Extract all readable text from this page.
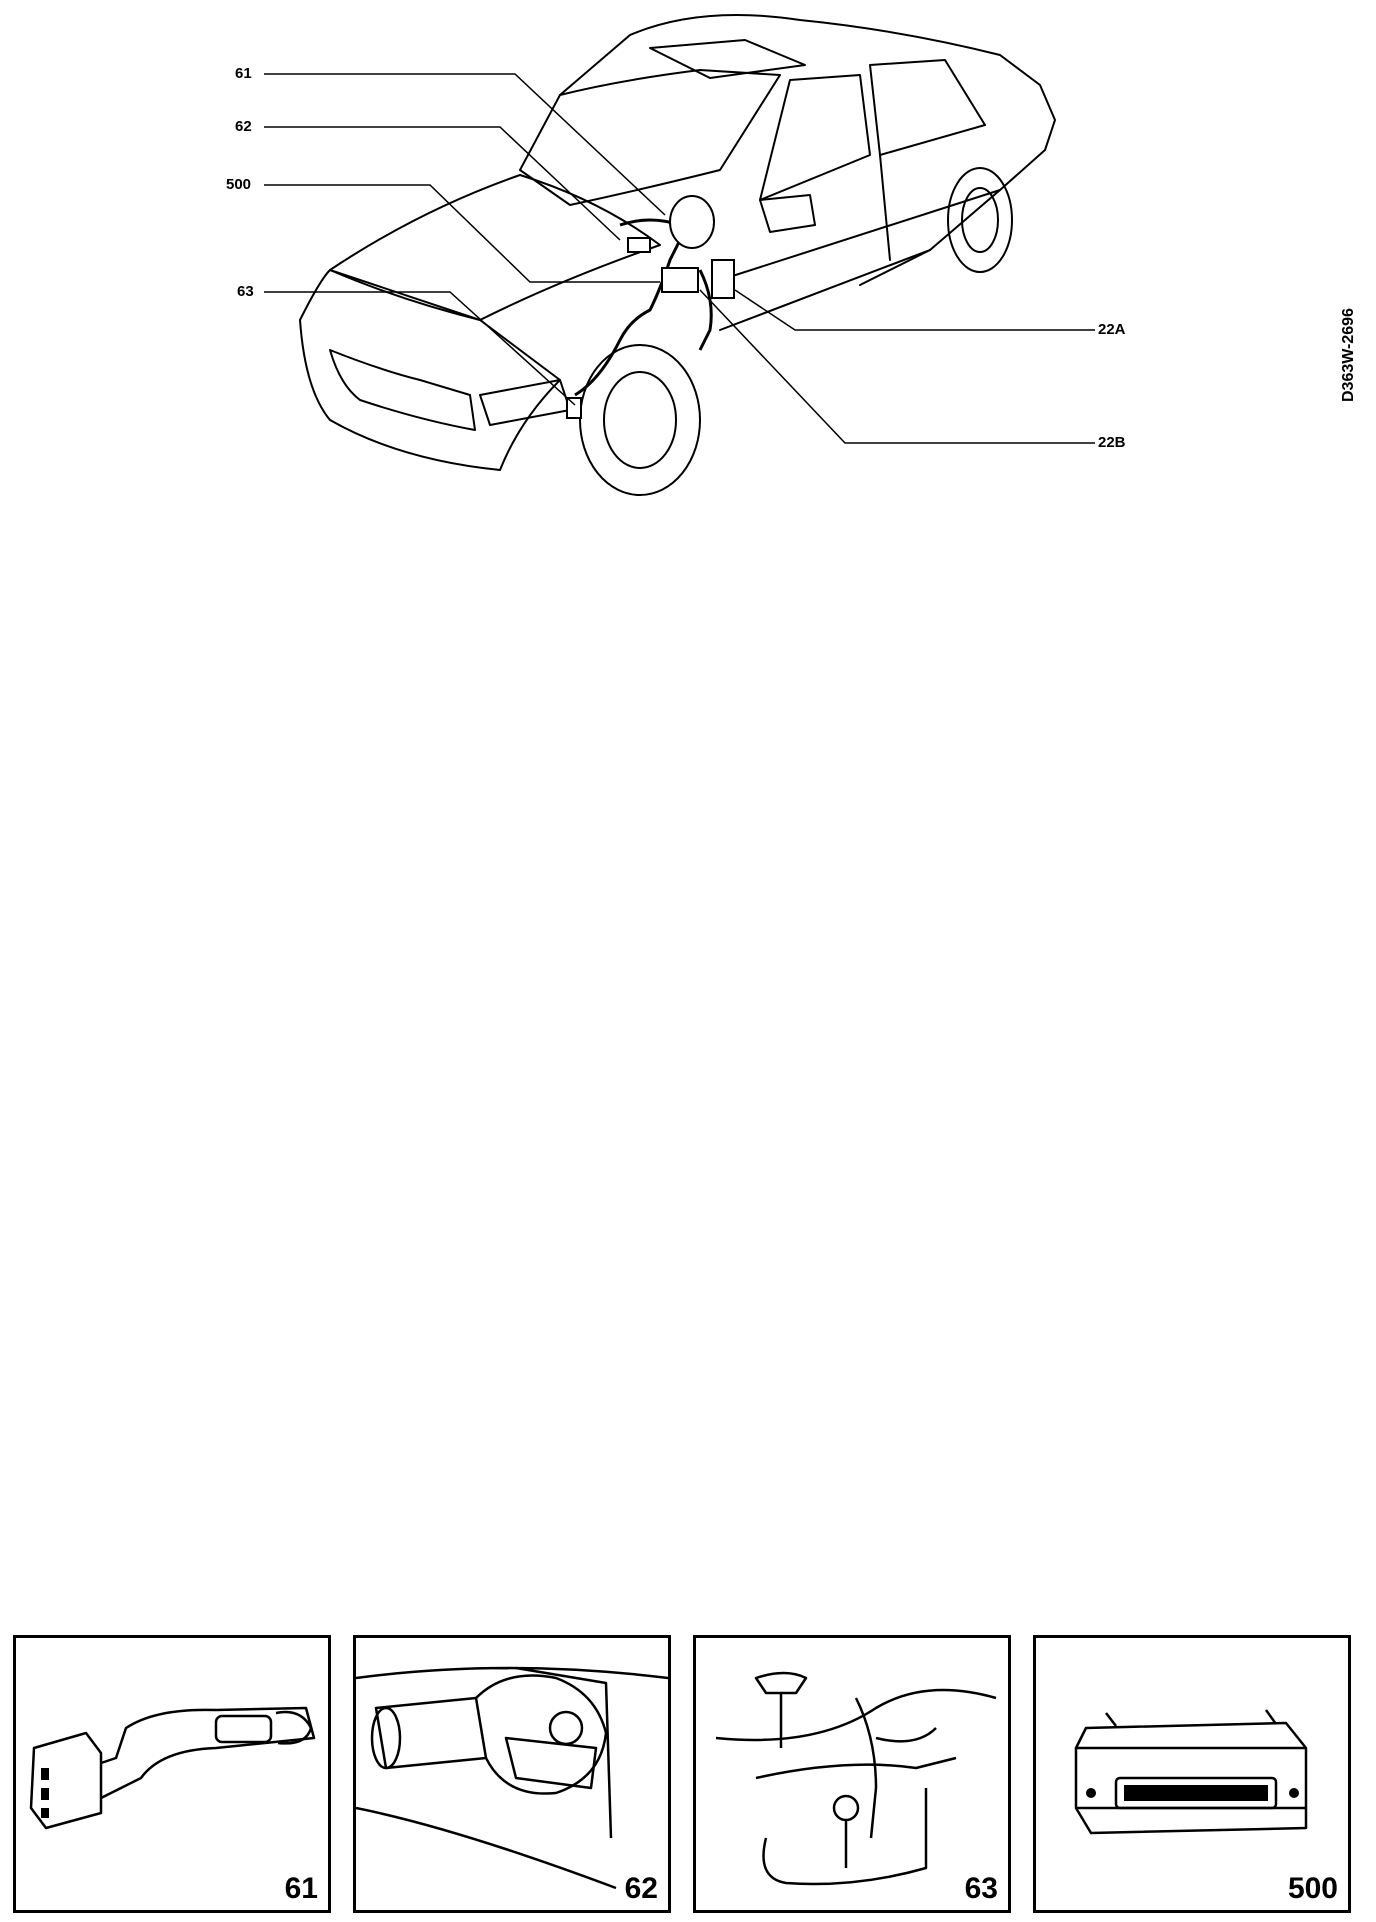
61
62
500
63
22A
22B
D363W-2696
61	62	63	500
